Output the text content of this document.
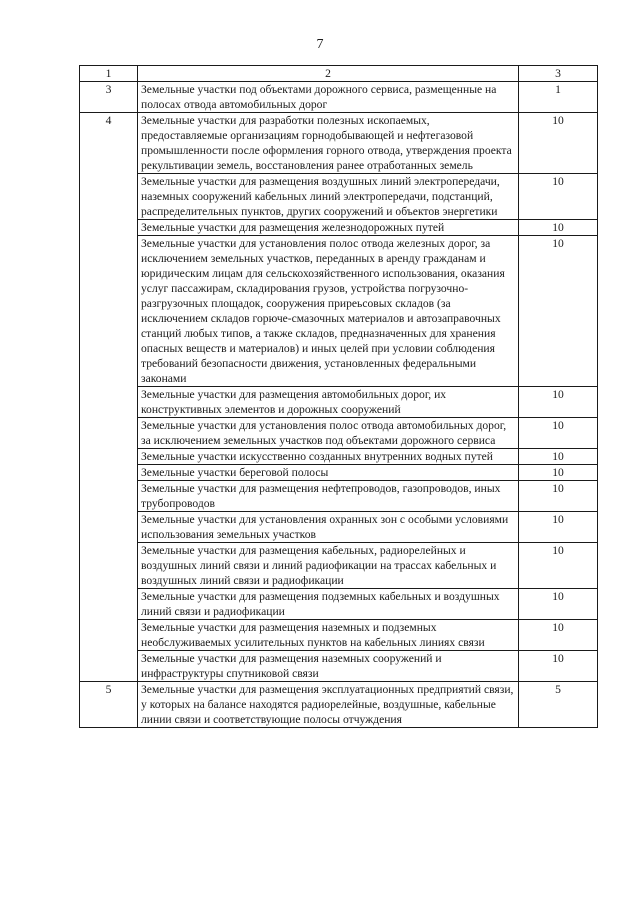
7
1	2	3
3	Земельные участки под объектами дорожного сервиса, размещенные на полосах отвода автомобильных дорог	1
4	Земельные участки для разработки полезных ископаемых, предоставляемые организациям горнодобывающей и нефтегазовой промышленности после оформления горного отвода, утверждения проекта рекультивации земель, восстановления ранее отработанных земель	10
	Земельные участки для размещения воздушных линий электропередачи, наземных сооружений кабельных линий электропередачи, подстанций, распределительных пунктов, других сооружений и объектов энергетики	10
	Земельные участки для размещения железнодорожных путей	10
	Земельные участки для установления полос отвода железных дорог, за исключением земельных участков, переданных в аренду гражданам и юридическим лицам для сельскохозяйственного использования, оказания услуг пассажирам, складирования грузов, устройства погрузочно-разгрузочных площадок, сооружения приреьсовых складов (за исключением складов горюче-смазочных материалов и автозаправочных станций любых типов, а также складов, предназначенных для хранения опасных веществ и материалов) и иных целей при условии соблюдения требований безопасности движения, установленных федеральными законами	10
	Земельные участки для размещения автомобильных дорог, их конструктивных элементов и дорожных сооружений	10
	Земельные участки для установления полос отвода автомобильных дорог, за исключением земельных участков под объектами дорожного сервиса	10
	Земельные участки искусственно созданных внутренних водных путей	10
	Земельные участки береговой полосы	10
	Земельные участки для размещения нефтепроводов, газопроводов, иных трубопроводов	10
	Земельные участки для установления охранных зон с особыми условиями использования земельных участков	10
	Земельные участки для размещения кабельных, радиорелейных и воздушных линий связи и линий радиофикации на трассах кабельных и воздушных линий связи и радиофикации	10
	Земельные участки для размещения подземных кабельных и воздушных линий связи и радиофикации	10
	Земельные участки для размещения наземных и подземных необслуживаемых усилительных пунктов на кабельных линиях связи	10
	Земельные участки для размещения наземных сооружений и инфраструктуры спутниковой связи	10
5	Земельные участки для размещения эксплуатационных предприятий связи, у которых на балансе находятся радиорелейные, воздушные, кабельные линии связи и соответствующие полосы отчуждения	5
